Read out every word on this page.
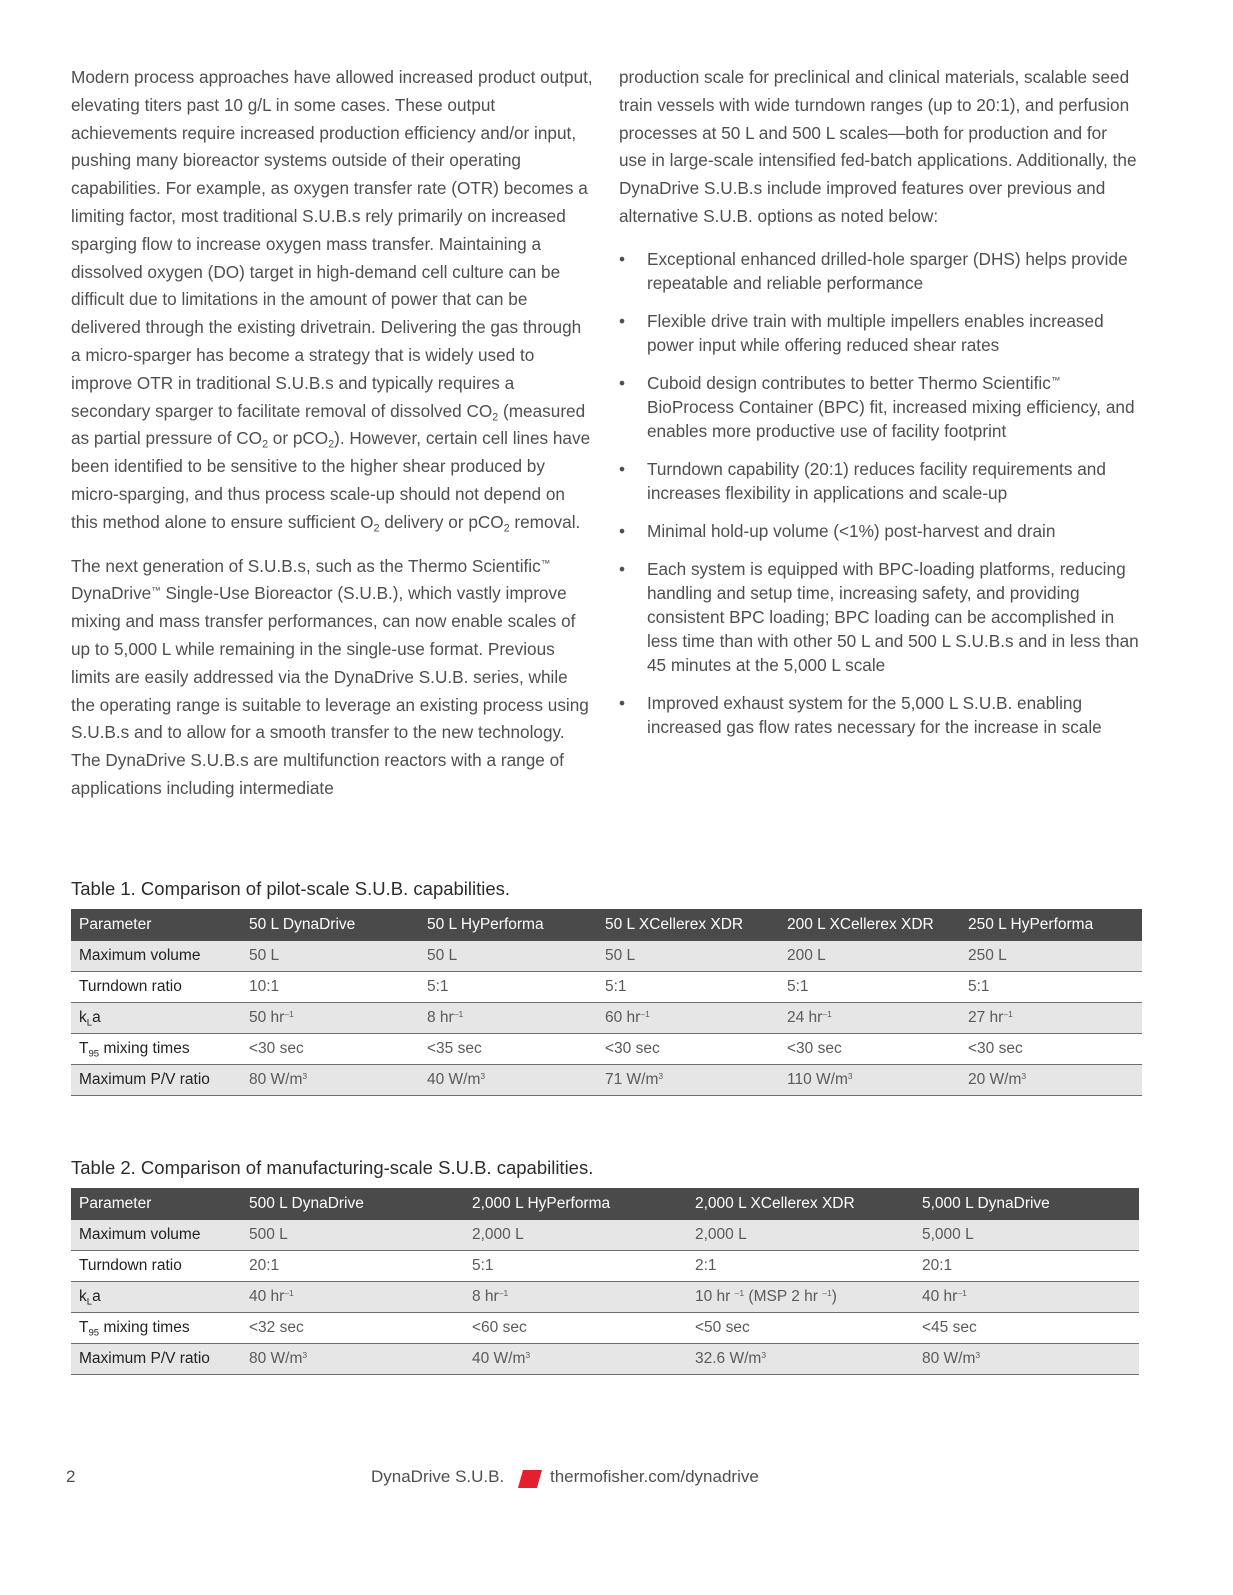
Modern process approaches have allowed increased product output, elevating titers past 10 g/L in some cases. These output achievements require increased production efficiency and/or input, pushing many bioreactor systems outside of their operating capabilities. For example, as oxygen transfer rate (OTR) becomes a limiting factor, most traditional S.U.B.s rely primarily on increased sparging flow to increase oxygen mass transfer. Maintaining a dissolved oxygen (DO) target in high-demand cell culture can be difficult due to limitations in the amount of power that can be delivered through the existing drivetrain. Delivering the gas through a micro-sparger has become a strategy that is widely used to improve OTR in traditional S.U.B.s and typically requires a secondary sparger to facilitate removal of dissolved $CO_2$ (measured as partial pressure of $CO_2$ or pCO$_2$). However, certain cell lines have been identified to be sensitive to the higher shear produced by micro-sparging, and thus process scale-up should not depend on this method alone to ensure sufficient $O_2$ delivery or pCO$_2$ removal.

The next generation of S.U.B.s, such as the Thermo Scientific™ DynaDrive™ Single-Use Bioreactor (S.U.B.), which vastly improve mixing and mass transfer performances, can now enable scales of up to 5,000 L while remaining in the single-use format. Previous limits are easily addressed via the DynaDrive S.U.B. series, while the operating range is suitable to leverage an existing process using S.U.B.s and to allow for a smooth transfer to the new technology. The DynaDrive S.U.B.s are multifunction reactors with a range of applications including intermediate

production scale for preclinical and clinical materials, scalable seed train vessels with wide turndown ranges (up to 20:1), and perfusion processes at 50 L and 500 L scales—both for production and for use in large-scale intensified fed-batch applications. Additionally, the DynaDrive S.U.B.s include improved features over previous and alternative S.U.B. options as noted below:

• Exceptional enhanced drilled-hole sparger (DHS) helps provide repeatable and reliable performance
• Flexible drive train with multiple impellers enables increased power input while offering reduced shear rates
• Cuboid design contributes to better Thermo Scientific™
BioProcess Container (BPC) fit, increased mixing efficiency, and enables more productive use of facility footprint
• Turndown capability (20:1) reduces facility requirements and increases flexibility in applications and scale-up
• Minimal hold-up volume (<1%) post-harvest and drain
• Each system is equipped with BPC-loading platforms, reducing handling and setup time, increasing safety, and providing consistent BPC loading; BPC loading can be accomplished in less time than with other 50 L and 500 L S.U.B.s and in less than 45 minutes at the 5,000 L scale
• Improved exhaust system for the 5,000 L S.U.B. enabling increased gas flow rates necessary for the increase in scale
Table 1. Comparison of pilot-scale S.U.B. capabilities.
Parameter	50 L DynaDrive	50 L HyPerforma	50 L XCellerex XDR	200 L XCellerex XDR	250 L HyPerforma
Maximum volume	50 L	50 L	50 L	200 L	250 L
Turndown ratio	10:1	5:1	5:1	5:1	5:1
$k_La$	50 $hr^{-1}$	8 $hr^{-1}$	60 $hr^{-1}$	24 $hr^{-1}$	27 $hr^{-1}$
$T_{95}$ mixing times	<30 sec	<35 sec	<30 sec	<30 sec	<30 sec
Maximum P/V ratio	80 $W/m^3$	40 $W/m^3$	71 $W/m^3$	110 $W/m^3$	20 $W/m^3$
Table 2. Comparison of manufacturing-scale S.U.B. capabilities.
Parameter	500 L DynaDrive	2,000 L HyPerforma	2,000 L XCellerex XDR	5,000 L DynaDrive
Maximum volume	500 L	2,000 L	2,000 L	5,000 L
Turndown ratio	20:1	5:1	2:1	20:1
$k_La$	40 $hr^{-1}$	8 $hr^{-1}$	10 hr $^{-1}$ (MSP 2 hr $^{-1}$)	40 $hr^{-1}$
$T_{95}$ mixing times	<32 sec	<60 sec	<50 sec	<45 sec
Maximum P/V ratio	80 $W/m^3$	40 $W/m^3$	32.6 $W/m^3$	80 $W/m^3$
2	DynaDrive S.U.B.	thermofisher.com/dynadrive
